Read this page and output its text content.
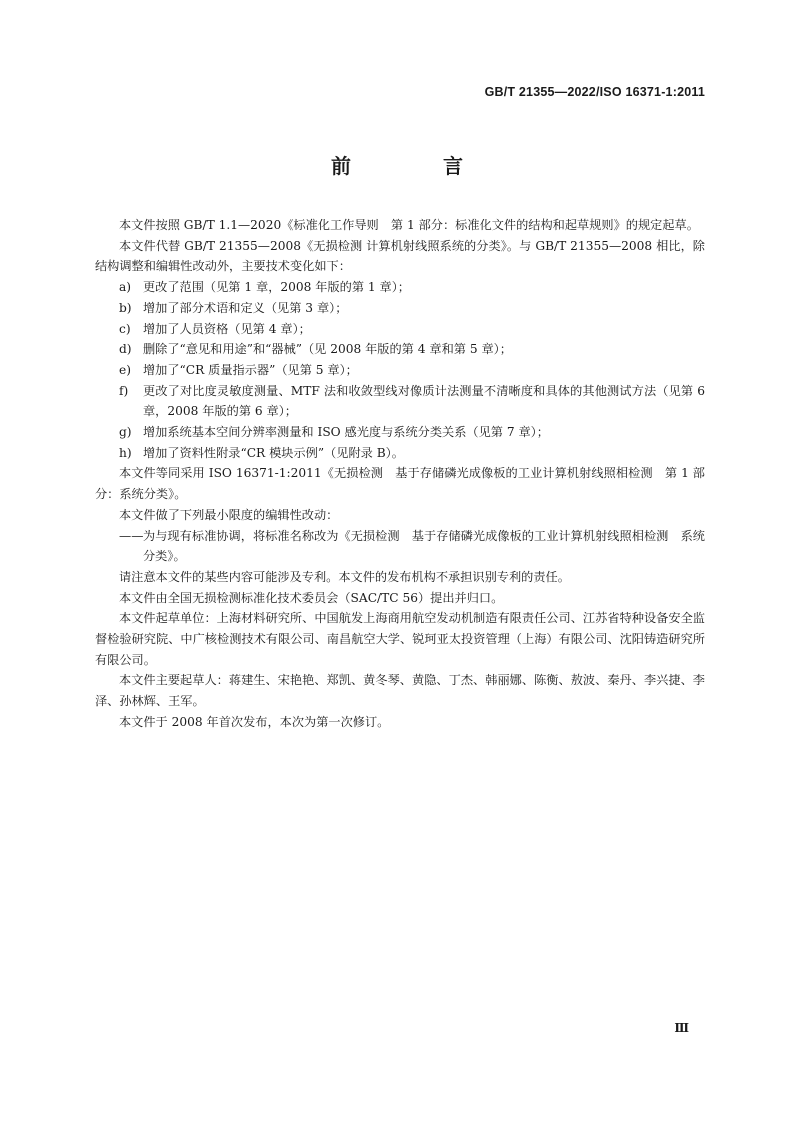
GB/T 21355—2022/ISO 16371-1:2011
前　言

本文件按照 GB/T 1.1—2020《标准化工作导则　第 1 部分：标准化文件的结构和起草规则》的规定起草。

本文件代替 GB/T 21355—2008《无损检测 计算机射线照系统的分类》。与 GB/T 21355—2008 相比，除结构调整和编辑性改动外，主要技术变化如下：

a) 更改了范围（见第 1 章，2008 年版的第 1 章）；

b) 增加了部分术语和定义（见第 3 章）；

c) 增加了人员资格（见第 4 章）；

d) 删除了“意见和用途”和“器械”（见 2008 年版的第 4 章和第 5 章）；

e) 增加了“CR 质量指示器”（见第 5 章）；

f) 更改了对比度灵敏度测量、MTF 法和收敛型线对像质计法测量不清晰度和具体的其他测试方法（见第 6 章，2008 年版的第 6 章）；

g) 增加系统基本空间分辨率测量和 ISO 感光度与系统分类关系（见第 7 章）；

h) 增加了资料性附录“CR 模块示例”（见附录 B）。

本文件等同采用 ISO 16371-1:2011《无损检测　基于存储磷光成像板的工业计算机射线照相检测　第 1 部分：系统分类》。

本文件做了下列最小限度的编辑性改动：

—— 为与现有标准协调，将标准名称改为《无损检测　基于存储磷光成像板的工业计算机射线照相检测　系统分类》。

请注意本文件的某些内容可能涉及专利。本文件的发布机构不承担识别专利的责任。

本文件由全国无损检测标准化技术委员会（SAC/TC 56）提出并归口。

本文件起草单位：上海材料研究所、中国航发上海商用航空发动机制造有限责任公司、江苏省特种设备安全监督检验研究院、中广核检测技术有限公司、南昌航空大学、锐珂亚太投资管理（上海）有限公司、沈阳铸造研究所有限公司。

本文件主要起草人：蒋建生、宋艳艳、郑凯、黄冬琴、黄隐、丁杰、韩丽娜、陈衡、敖波、秦丹、李兴捷、李泽、孙林辉、王军。

本文件于 2008 年首次发布，本次为第一次修订。

Ⅲ
